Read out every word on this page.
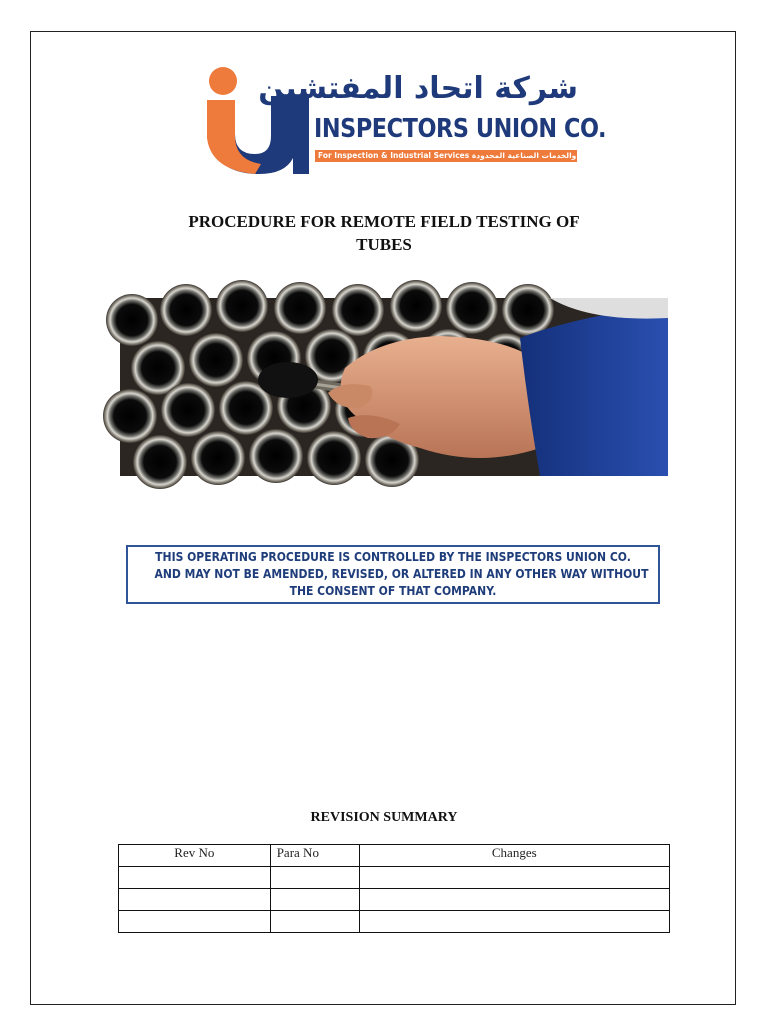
شركة اتحاد المفتشين
INSPECTORS UNION CO.
For Inspection & Industrial Services للفحص والخدمات الصناعية المحدودة
PROCEDURE FOR REMOTE FIELD TESTING OF
TUBES
THIS OPERATING PROCEDURE IS CONTROLLED BY THE INSPECTORS UNION CO.
AND MAY NOT BE AMENDED, REVISED, OR ALTERED IN ANY OTHER WAY WITHOUT
THE CONSENT OF THAT COMPANY.
REVISION SUMMARY
Rev No	Para No	Changes
